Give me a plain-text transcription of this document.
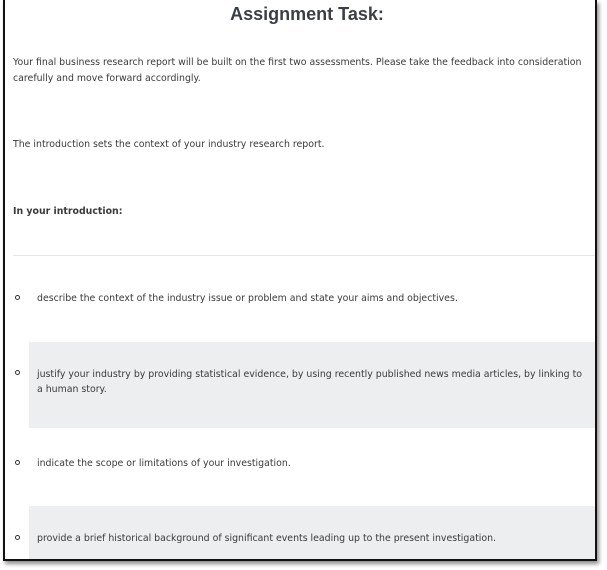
Assignment Task:
Your final business research report will be built on the first two assessments. Please take the feedback into consideration
carefully and move forward accordingly.
The introduction sets the context of your industry research report.
In your introduction:
describe the context of the industry issue or problem and state your aims and objectives.
justify your industry by providing statistical evidence, by using recently published news media articles, by linking to
a human story.
indicate the scope or limitations of your investigation.
provide a brief historical background of significant events leading up to the present investigation.
